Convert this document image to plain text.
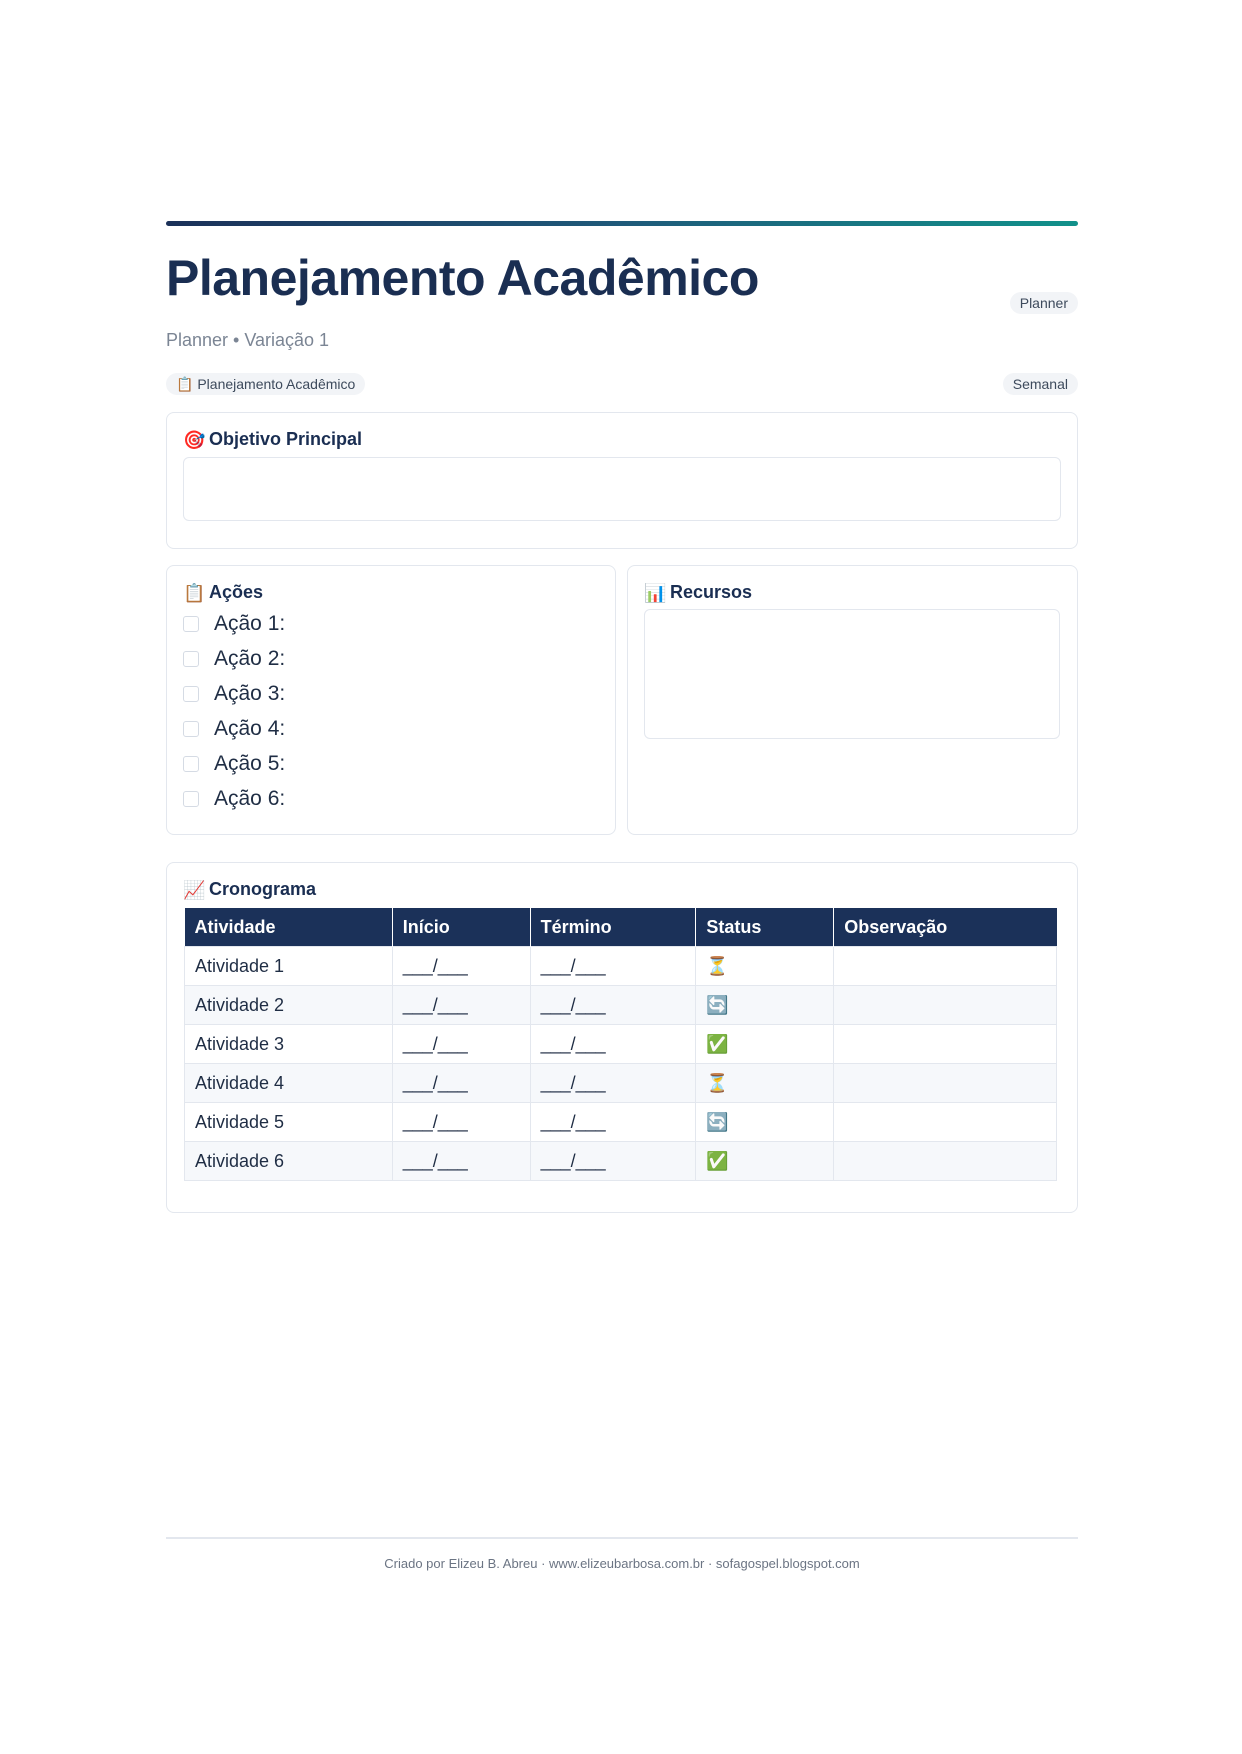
Planejamento Acadêmico	Planner
Planner • Variação 1
📋 Planejamento Acadêmico	Semanal
🎯 Objetivo Principal
📋 Ações
Ação 1:
Ação 2:
Ação 3:
Ação 4:
Ação 5:
Ação 6:
📊 Recursos
📈 Cronograma
Atividade	Início	Término	Status	Observação
Atividade 1	___/___	___/___	⏳	
Atividade 2	___/___	___/___	🔄	
Atividade 3	___/___	___/___	✅	
Atividade 4	___/___	___/___	⏳	
Atividade 5	___/___	___/___	🔄	
Atividade 6	___/___	___/___	✅	
Criado por Elizeu B. Abreu · www.elizeubarbosa.com.br · sofagospel.blogspot.com
